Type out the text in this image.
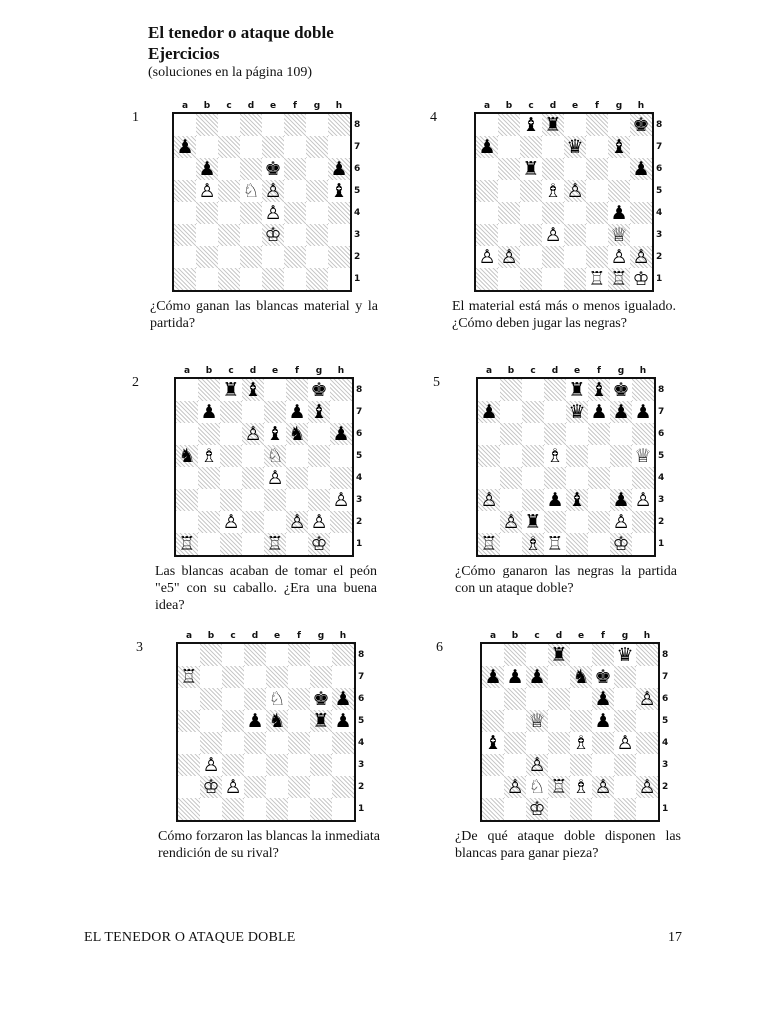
El tenedor o ataque doble

Ejercicios

(soluciones en la página 109)

1
a	b	c	d	e	f	g	h
♟
♟	♚	♟
♙ ♘ ♙	♝
♙
♔
8
7
6
5
4
3
2
1
¿Cómo ganan las blancas material y la partida?
4
a	b	c	d	e	f	g	h
♝ ♜	♚
♟	♛ ♝
♜	♟
♗ ♙
♟
♙	♕
♙ ♙	♙ ♙
♖ ♖ ♔
8
7
6
5
4
3
2
1
El material está más o menos igualado. ¿Cómo deben jugar las negras?
2
a	b	c	d	e	f	g	h
♜ ♝	♚
♟	♟ ♝
♙ ♝ ♞ ♟
♞ ♗	♘
♙
♙
♙	♙ ♙
♖	♖ ♔
8
7
6
5
4
3
2
1
Las blancas acaban de tomar el peón "e5" con su caballo. ¿Era una buena idea?
5
a	b	c	d	e	f	g	h
♜ ♝ ♚
♟	♛ ♟ ♟ ♟
♗	♕
♙	♟ ♝ ♟ ♙
♙ ♜	♙
♖ ♗ ♖	♔
8
7
6
5
4
3
2
1
¿Cómo ganaron las negras la partida con un ataque doble?
3
a	b	c	d	e	f	g	h
♖
♘ ♚ ♟
♟ ♞ ♜ ♟
♙
♔ ♙
8
7
6
5
4
3
2
1
Cómo forzaron las blancas la inmediata rendición de su rival?
6
a	b	c	d	e	f	g	h
♜	♛
♟ ♟ ♟ ♞ ♚
♟ ♙
♕	♟
♝	♗ ♙
♙
♙ ♘ ♖ ♗ ♙ ♙
♔
8
7
6
5
4
3
2
1
¿De qué ataque doble disponen las blancas para ganar pieza?
EL TENEDOR O ATAQUE DOBLE	17
